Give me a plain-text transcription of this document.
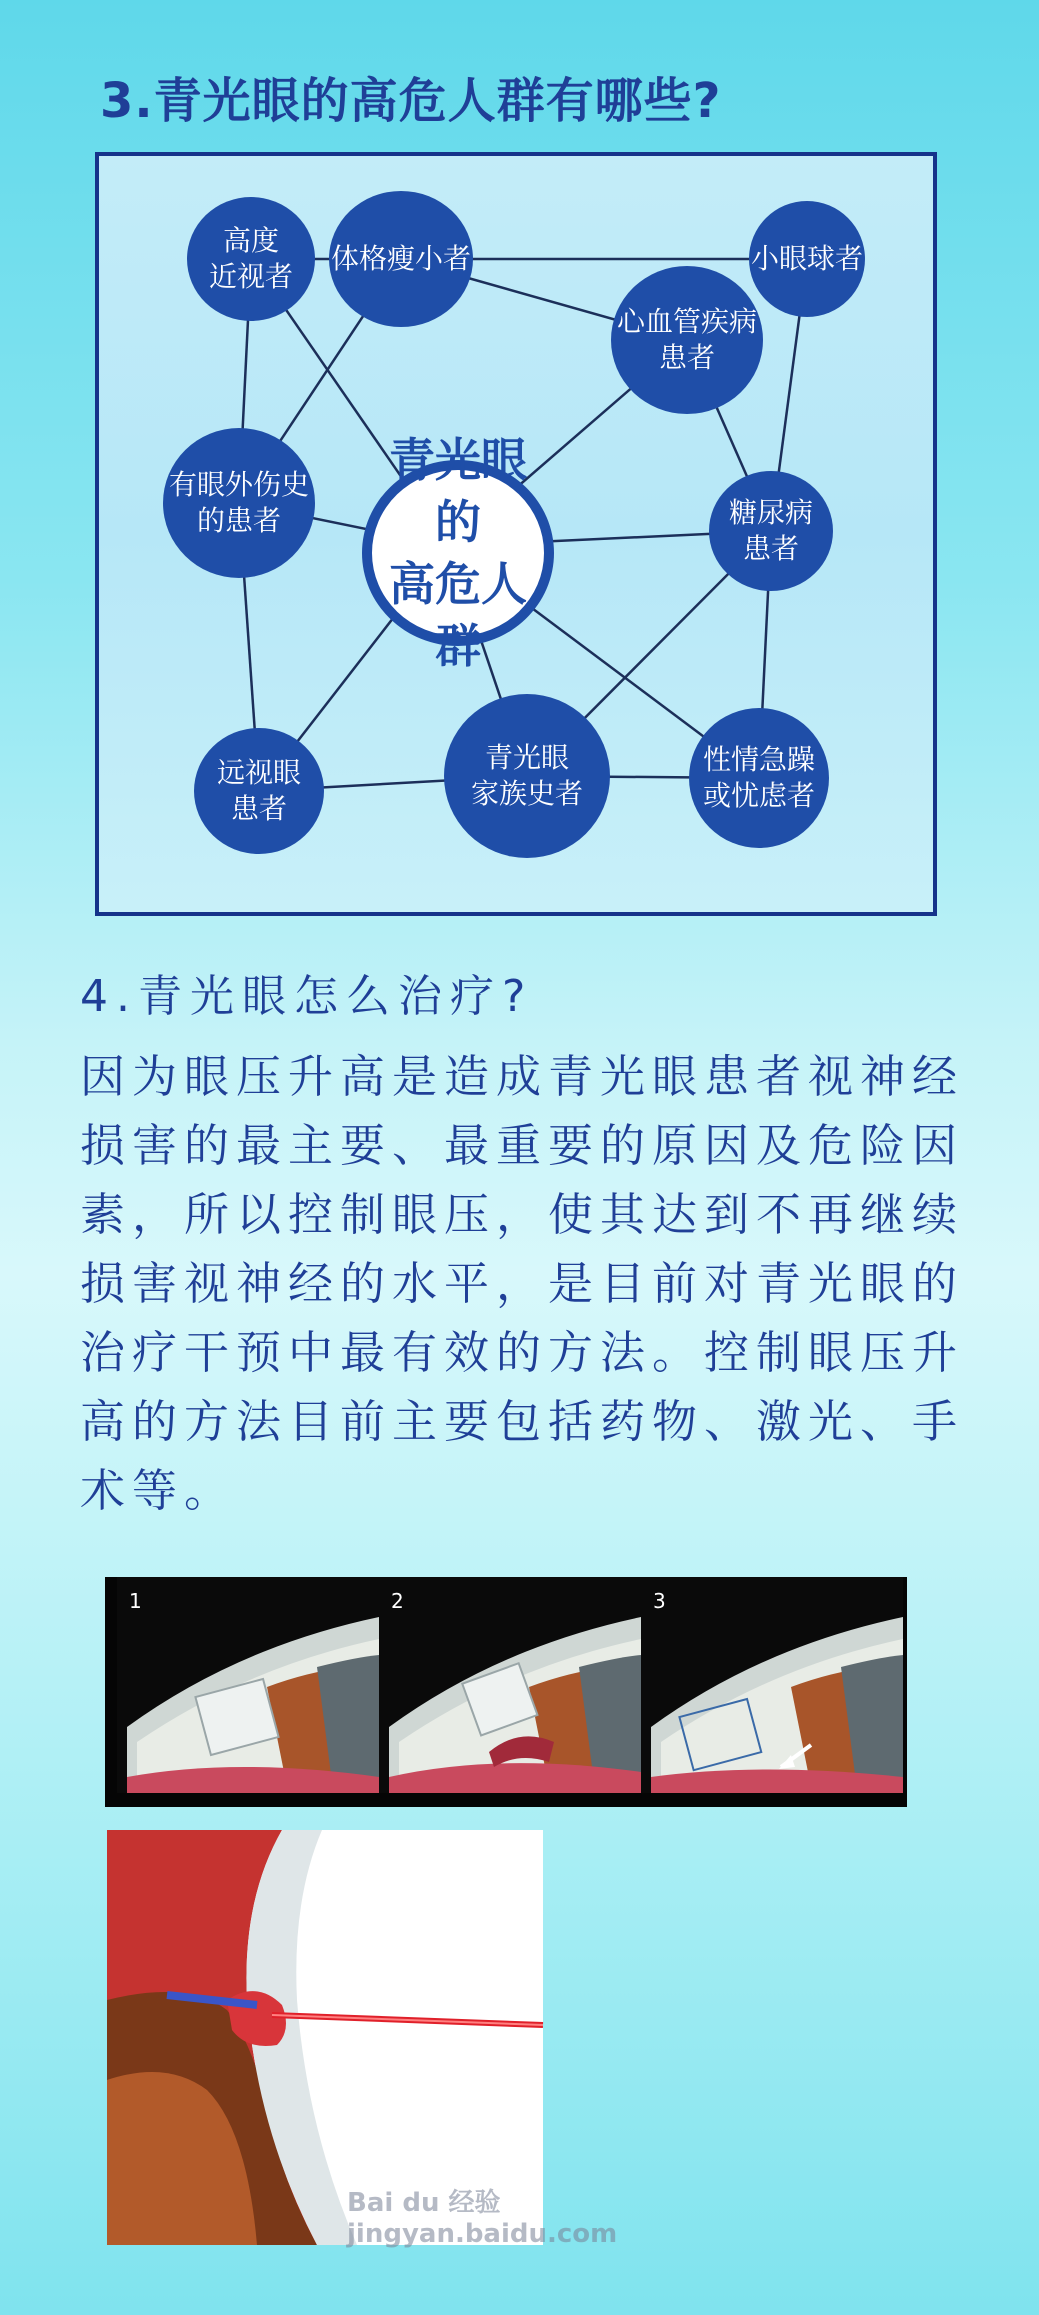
3.青光眼的高危人群有哪些?
高度
近视者
体格瘦小者	小眼球者
心血管疾病
患者
有眼外伤史
的患者	糖尿病
患者
远视眼
患者
青光眼
家族史者
性情急躁
或忧虑者
青光眼的
高危人群
4.青光眼怎么治疗?
因为眼压升高是造成青光眼患者视神经
损害的最主要、最重要的原因及危险因
素，所以控制眼压，使其达到不再继续
损害视神经的水平，是目前对青光眼的
治疗干预中最有效的方法。控制眼压升
高的方法目前主要包括药物、激光、手
术等。
1	2	3
Bai du 经验 jingyan.baidu.com
